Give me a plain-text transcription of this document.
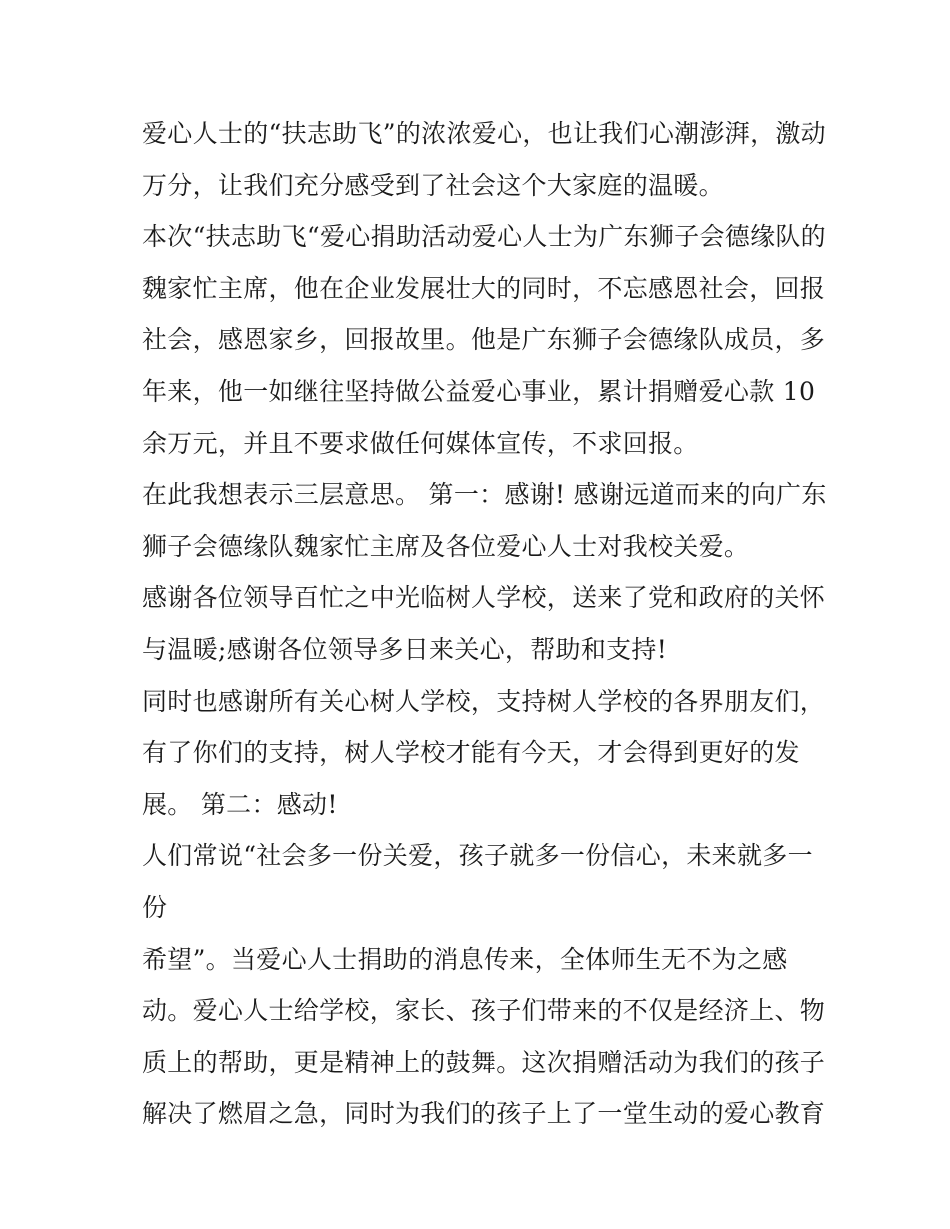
爱心人士的“扶志助飞”的浓浓爱心，也让我们心潮澎湃，激动
万分，让我们充分感受到了社会这个大家庭的温暖。
本次“扶志助飞“爱心捐助活动爱心人士为广东狮子会德缘队的
魏家忙主席，他在企业发展壮大的同时，不忘感恩社会，回报
社会，感恩家乡，回报故里。他是广东狮子会德缘队成员，多
年来，他一如继往坚持做公益爱心事业，累计捐赠爱心款 10
余万元，并且不要求做任何媒体宣传，不求回报。
在此我想表示三层意思。 第一：感谢! 感谢远道而来的向广东
狮子会德缘队魏家忙主席及各位爱心人士对我校关爱。
感谢各位领导百忙之中光临树人学校，送来了党和政府的关怀
与温暖;感谢各位领导多日来关心，帮助和支持!
同时也感谢所有关心树人学校，支持树人学校的各界朋友们，
有了你们的支持，树人学校才能有今天，才会得到更好的发
展。 第二：感动!
人们常说“社会多一份关爱，孩子就多一份信心，未来就多一
份
希望”。当爱心人士捐助的消息传来，全体师生无不为之感
动。爱心人士给学校，家长、孩子们带来的不仅是经济上、物
质上的帮助，更是精神上的鼓舞。这次捐赠活动为我们的孩子
解决了燃眉之急，同时为我们的孩子上了一堂生动的爱心教育
